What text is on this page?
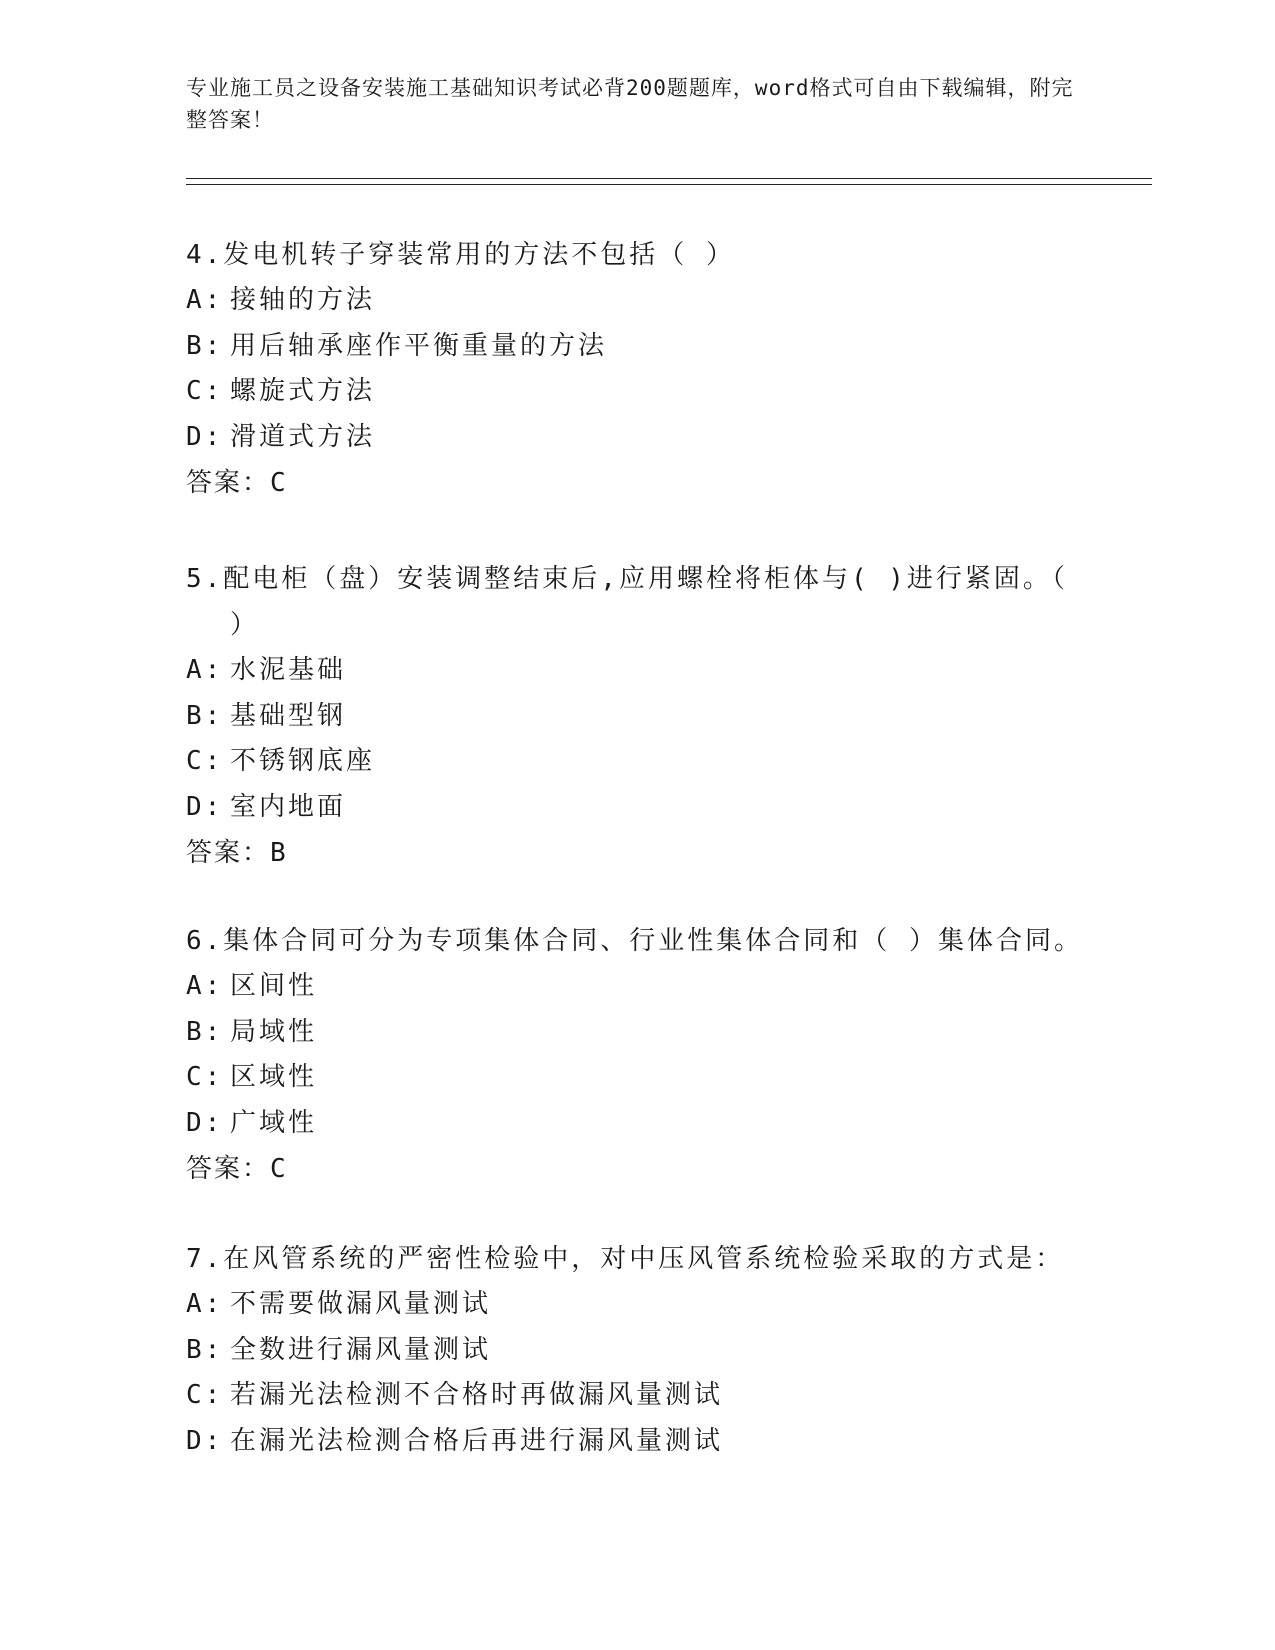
专业施工员之设备安装施工基础知识考试必背200题题库，word格式可自由下载编辑，附完整答案！
4.发电机转子穿装常用的方法不包括（ ）
A: 接轴的方法
B: 用后轴承座作平衡重量的方法
C: 螺旋式方法
D: 滑道式方法
答案：C
5.配电柜（盘）安装调整结束后,应用螺栓将柜体与( )进行紧固。（
）
A: 水泥基础
B: 基础型钢
C: 不锈钢底座
D: 室内地面
答案：B
6.集体合同可分为专项集体合同、行业性集体合同和（ ）集体合同。
A: 区间性
B: 局域性
C: 区域性
D: 广域性
答案：C
7.在风管系统的严密性检验中，对中压风管系统检验采取的方式是：
A: 不需要做漏风量测试
B: 全数进行漏风量测试
C: 若漏光法检测不合格时再做漏风量测试
D: 在漏光法检测合格后再进行漏风量测试
